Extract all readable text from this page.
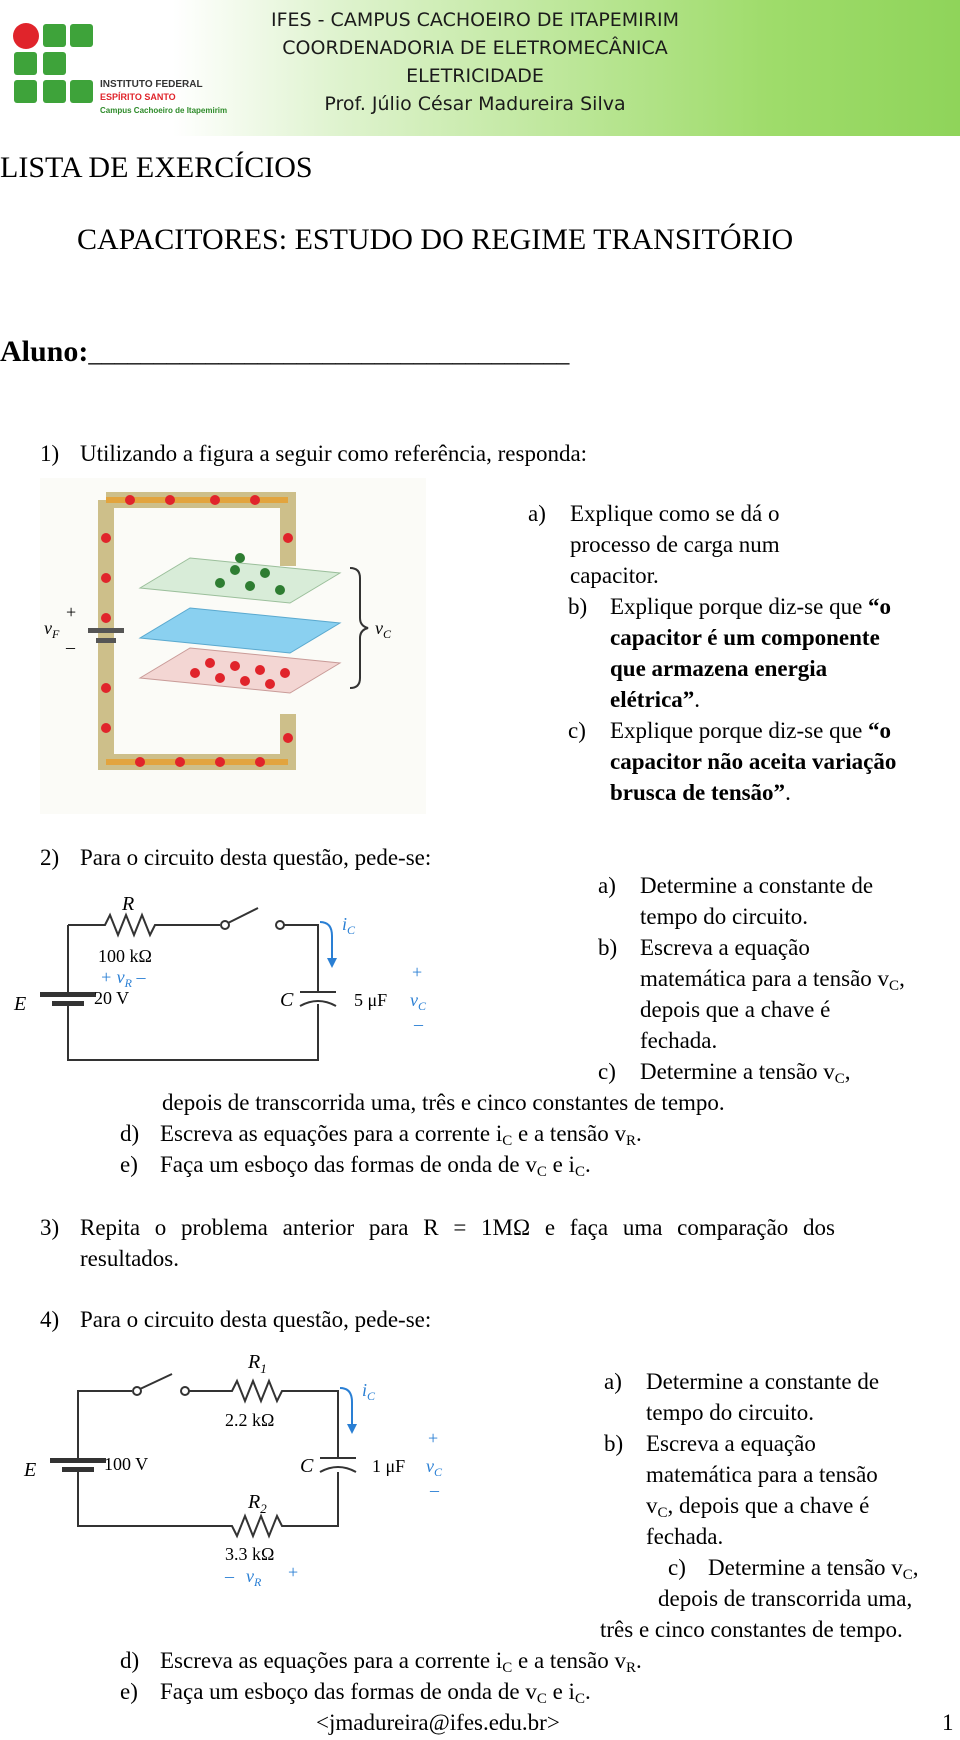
INSTITUTO FEDERAL
ESPÍRITO SANTO
Campus Cachoeiro de Itapemirim
IFES - CAMPUS CACHOEIRO DE ITAPEMIRIM
COORDENADORIA DE ELETROMECÂNICA
ELETRICIDADE
Prof. Júlio César Madureira Silva
LISTA DE EXERCÍCIOS
CAPACITORES: ESTUDO DO REGIME TRANSITÓRIO
Aluno:_____________________________________
1) Utilizando a figura a seguir como referência, responda:
$v_F$
+
–
$v_C$
a) Explique como se dá o
processo de carga num
capacitor.
b) Explique porque diz-se que “o
capacitor é um componente
que armazena energia
elétrica”.
c) Explique porque diz-se que “o
capacitor não aceita variação
brusca de tensão”.
2) Para o circuito desta questão, pede-se:
R
100 kΩ
+ $v_R$ –
E	20 V	C	5 μF
$i_C$
+
$v_C$
–
a) Determine a constante de
tempo do circuito.
b) Escreva a equação
matemática para a tensão $v_C$,
depois que a chave é
fechada.
c) Determine a tensão $v_C$,
depois de transcorrida uma, três e cinco constantes de tempo.
d) Escreva as equações para a corrente $i_C$ e a tensão $v_R$.
e) Faça um esboço das formas de onda de $v_C$ e $i_C$.
3) Repita o problema anterior para R = 1MΩ e faça uma comparação dos
resultados.
4) Para o circuito desta questão, pede-se:
$R_1$
2.2 kΩ
$R_2$
3.3 kΩ
– $v_R$ +
E	100 V	C	1 μF
$i_C$
+
$v_C$
–
a) Determine a constante de
tempo do circuito.
b) Escreva a equação
matemática para a tensão
$v_C$, depois que a chave é
fechada.
c) Determine a tensão $v_C$,
depois de transcorrida uma,
três e cinco constantes de tempo.
d) Escreva as equações para a corrente $i_C$ e a tensão $v_R$.
e) Faça um esboço das formas de onda de $v_C$ e $i_C$.
<jmadureira@ifes.edu.br>	1
